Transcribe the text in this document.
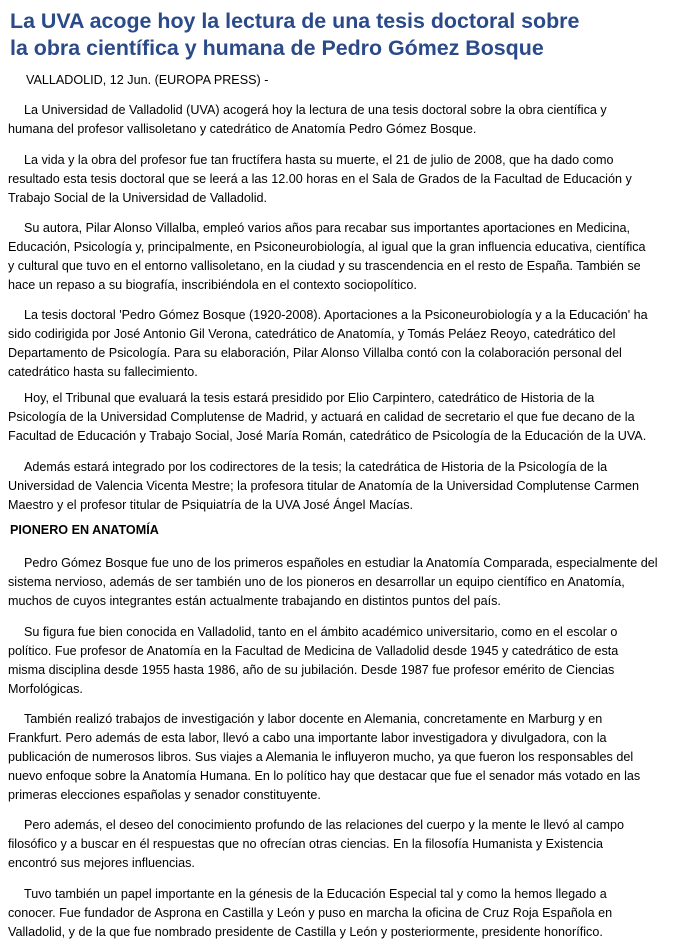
La UVA acoge hoy la lectura de una tesis doctoral sobre
la obra científica y humana de Pedro Gómez Bosque

VALLADOLID, 12 Jun. (EUROPA PRESS) -

La Universidad de Valladolid (UVA) acogerá hoy la lectura de una tesis doctoral sobre la obra científica y

humana del profesor vallisoletano y catedrático de Anatomía Pedro Gómez Bosque.

La vida y la obra del profesor fue tan fructífera hasta su muerte, el 21 de julio de 2008, que ha dado como

resultado esta tesis doctoral que se leerá a las 12.00 horas en el Sala de Grados de la Facultad de Educación y

Trabajo Social de la Universidad de Valladolid.

Su autora, Pilar Alonso Villalba, empleó varios años para recabar sus importantes aportaciones en Medicina,

Educación, Psicología y, principalmente, en Psiconeurobiología, al igual que la gran influencia educativa, científica

y cultural que tuvo en el entorno vallisoletano, en la ciudad y su trascendencia en el resto de España. También se

hace un repaso a su biografía, inscribiéndola en el contexto sociopolítico.

La tesis doctoral 'Pedro Gómez Bosque (1920-2008). Aportaciones a la Psiconeurobiología y a la Educación' ha

sido codirigida por José Antonio Gil Verona, catedrático de Anatomía, y Tomás Peláez Reoyo, catedrático del

Departamento de Psicología. Para su elaboración, Pilar Alonso Villalba contó con la colaboración personal del

catedrático hasta su fallecimiento.

Hoy, el Tribunal que evaluará la tesis estará presidido por Elio Carpintero, catedrático de Historia de la

Psicología de la Universidad Complutense de Madrid, y actuará en calidad de secretario el que fue decano de la

Facultad de Educación y Trabajo Social, José María Román, catedrático de Psicología de la Educación de la UVA.

Además estará integrado por los codirectores de la tesis; la catedrática de Historia de la Psicología de la

Universidad de Valencia Vicenta Mestre; la profesora titular de Anatomía de la Universidad Complutense Carmen

Maestro y el profesor titular de Psiquiatría de la UVA José Ángel Macías.

PIONERO EN ANATOMÍA

Pedro Gómez Bosque fue uno de los primeros españoles en estudiar la Anatomía Comparada, especialmente del

sistema nervioso, además de ser también uno de los pioneros en desarrollar un equipo científico en Anatomía,

muchos de cuyos integrantes están actualmente trabajando en distintos puntos del país.

Su figura fue bien conocida en Valladolid, tanto en el ámbito académico universitario, como en el escolar o

político. Fue profesor de Anatomía en la Facultad de Medicina de Valladolid desde 1945 y catedrático de esta

misma disciplina desde 1955 hasta 1986, año de su jubilación. Desde 1987 fue profesor emérito de Ciencias

Morfológicas.

También realizó trabajos de investigación y labor docente en Alemania, concretamente en Marburg y en

Frankfurt. Pero además de esta labor, llevó a cabo una importante labor investigadora y divulgadora, con la

publicación de numerosos libros. Sus viajes a Alemania le influyeron mucho, ya que fueron los responsables del

nuevo enfoque sobre la Anatomía Humana. En lo político hay que destacar que fue el senador más votado en las

primeras elecciones españolas y senador constituyente.

Pero además, el deseo del conocimiento profundo de las relaciones del cuerpo y la mente le llevó al campo

filosófico y a buscar en él respuestas que no ofrecían otras ciencias. En la filosofía Humanista y Existencia

encontró sus mejores influencias.

Tuvo también un papel importante en la génesis de la Educación Especial tal y como la hemos llegado a

conocer. Fue fundador de Asprona en Castilla y León y puso en marcha la oficina de Cruz Roja Española en

Valladolid, y de la que fue nombrado presidente de Castilla y León y posteriormente, presidente honorífico.
